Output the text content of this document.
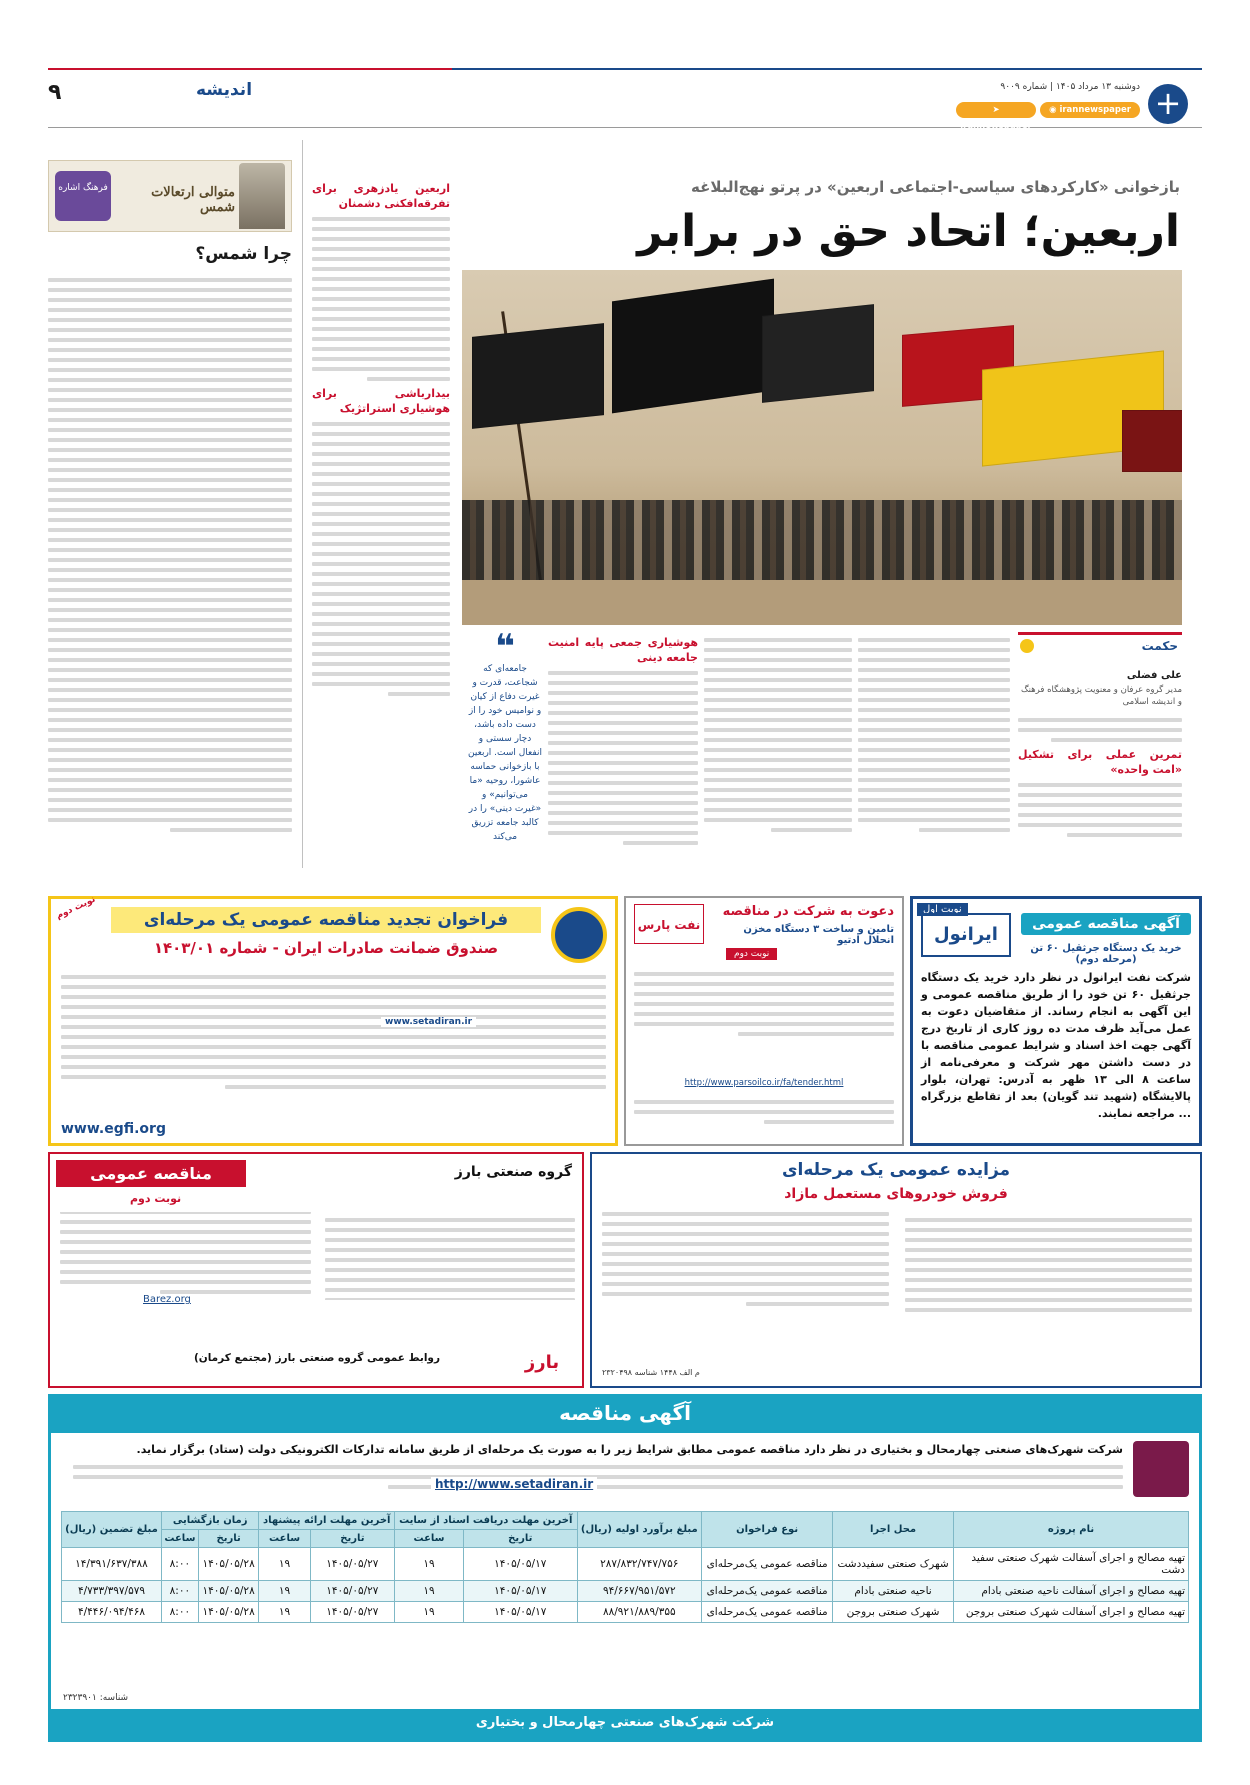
۹	اندیشه	+
دوشنبه ۱۳ مرداد ۱۴۰۵ | شماره ۹۰۰۹
◉ irannewspaper
➤ irannewspaper
بازخوانی «کارکردهای سیاسی-اجتماعی اربعین» در پرتو نهج‌البلاغه
اربعین؛ اتحاد حق در برابر
حکمت
علی فضلی
مدیر گروه عرفان و معنویت پژوهشگاه فرهنگ و اندیشه اسلامی
تمرین عملی برای تشکیل «امت واحده»
هوشیاری جمعی پایه امنیت جامعه دینی
❝
جامعه‌ای که شجاعت، قدرت و غیرت دفاع از کیان و نوامیس خود را از دست داده باشد، دچار سستی و انفعال است. اربعین با بازخوانی حماسه عاشورا، روحیه «ما می‌توانیم» و «غیرت دینی» را در کالبد جامعه تزریق می‌کند
اربعین یادزهری برای تفرقه‌افکنی دشمنان
بیدارباشی برای هوشیاری استراتژیک
متوالی ارتعالات شمس
فرهنگ اشاره
چرا شمس؟
نوبت اول
آگهی مناقصه عمومی
ایرانول
خرید یک دستگاه جرثقیل ۶۰ تن (مرحله دوم)
شرکت نفت ایرانول در نظر دارد خرید یک دستگاه جرثقیل ۶۰ تن خود را از طریق مناقصه عمومی و این آگهی به انجام رساند. از متقاضیان دعوت به عمل می‌آید ظرف مدت ده روز کاری از تاریخ درج آگهی جهت اخذ اسناد و شرایط عمومی مناقصه با در دست داشتن مهر شرکت و معرفی‌نامه از ساعت ۸ الی ۱۳ ظهر به آدرس: تهران، بلوار پالایشگاه (شهید تند گویان) بعد از تقاطع بزرگراه ... مراجعه نمایند.
دعوت به شرکت در مناقصه
نفت پارس	تامین و ساخت ۳ دستگاه مخزن انحلال ادتیو
نوبت دوم
http://www.parsoilco.ir/fa/tender.html
نوبت دوم	فراخوان تجدید مناقصه عمومی یک مرحله‌ای
صندوق ضمانت صادرات ایران - شماره ۱۴۰۳/۰۱
www.setadiran.ir
www.egfi.org
مزایده عمومی یک مرحله‌ای
فروش خودروهای مستعمل مازاد
م الف ۱۴۴۸ شناسه ۲۳۲۰۴۹۸
مناقصه عمومی	گروه صنعتی بارز
نوبت دوم
Barez.org
روابط عمومی گروه صنعتی بارز (مجتمع کرمان)	بارز
آگهی مناقصه
شرکت شهرک‌های صنعتی چهارمحال و بختیاری در نظر دارد مناقصه عمومی مطابق شرایط زیر را به صورت یک مرحله‌ای از طریق سامانه تدارکات الکترونیکی دولت (ستاد) برگزار نماید.
http://www.setadiran.ir
نام پروژه	محل اجرا	نوع فراخوان	مبلغ برآورد اولیه (ریال)	آخرین مهلت دریافت اسناد از سایت		آخرین مهلت ارائه پیشنهاد		زمان بازگشایی		مبلغ تضمین (ریال)
				تاریخ	ساعت	تاریخ	ساعت	تاریخ	ساعت	
تهیه مصالح و اجرای آسفالت شهرک صنعتی سفید دشت	شهرک صنعتی سفیددشت	مناقصه عمومی یک‌مرحله‌ای	۲۸۷/۸۳۲/۷۴۷/۷۵۶	۱۴۰۵/۰۵/۱۷	۱۹	۱۴۰۵/۰۵/۲۷	۱۹	۱۴۰۵/۰۵/۲۸	۸:۰۰	۱۴/۳۹۱/۶۳۷/۳۸۸
تهیه مصالح و اجرای آسفالت ناحیه صنعتی بادام	ناحیه صنعتی بادام	مناقصه عمومی یک‌مرحله‌ای	۹۴/۶۶۷/۹۵۱/۵۷۲	۱۴۰۵/۰۵/۱۷	۱۹	۱۴۰۵/۰۵/۲۷	۱۹	۱۴۰۵/۰۵/۲۸	۸:۰۰	۴/۷۳۳/۳۹۷/۵۷۹
تهیه مصالح و اجرای آسفالت شهرک صنعتی بروجن	شهرک صنعتی بروجن	مناقصه عمومی یک‌مرحله‌ای	۸۸/۹۲۱/۸۸۹/۳۵۵	۱۴۰۵/۰۵/۱۷	۱۹	۱۴۰۵/۰۵/۲۷	۱۹	۱۴۰۵/۰۵/۲۸	۸:۰۰	۴/۴۴۶/۰۹۴/۴۶۸
شناسه: ۲۳۲۳۹۰۱
شرکت شهرک‌های صنعتی چهارمحال و بختیاری
